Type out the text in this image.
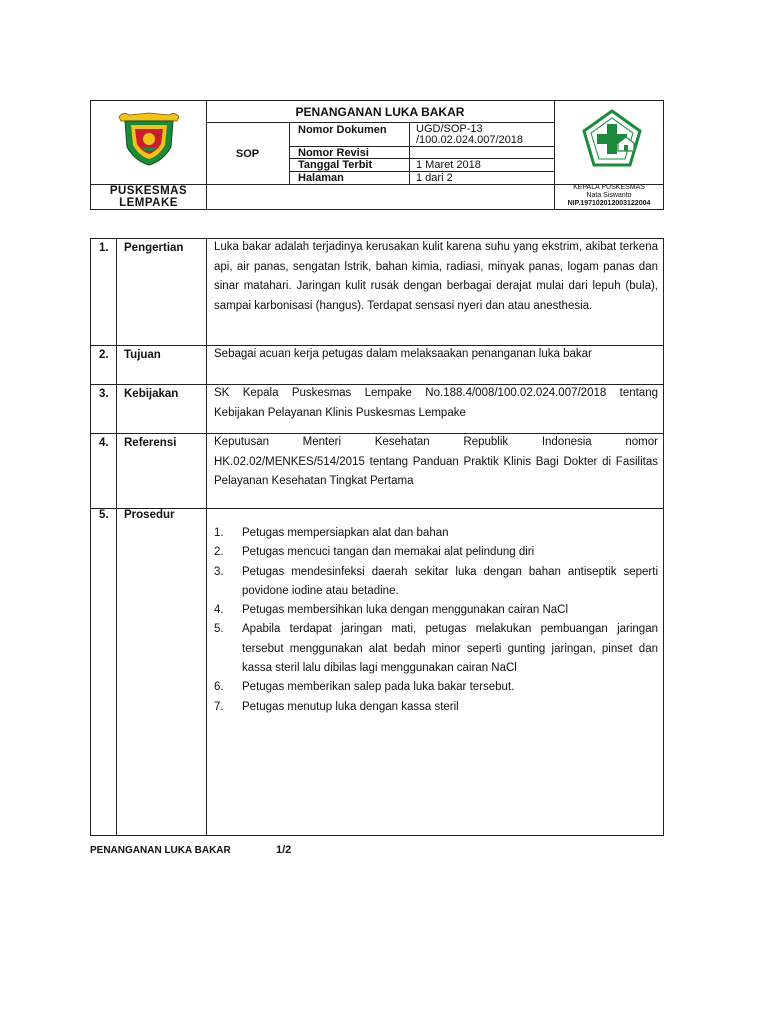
PENANGANAN LUKA BAKAR
SOP
Nomor Dokumen	UGD/SOP-13
/100.02.024.007/2018
Nomor Revisi
Tanggal Terbit	1 Maret 2018
Halaman	1 dari 2
PUSKESMAS
LEMPAKE
KEPALA PUSKESMAS
Nata Siswanto
NIP.197102012003122004
1. Pengertian	Luka bakar adalah terjadinya kerusakan kulit karena suhu yang ekstrim, akibat terkena api, air panas, sengatan lstrik, bahan kimia, radiasi, minyak panas, logam panas dan sinar matahari. Jaringan kulit rusak dengan berbagai derajat mulai dari lepuh (bula), sampai karbonisasi (hangus). Terdapat sensasi nyeri dan atau anesthesia.
2. Tujuan	Sebagai acuan kerja petugas dalam melaksaakan penanganan luka bakar
3. Kebijakan	SK Kepala Puskesmas Lempake No.188.4/008/100.02.024.007/2018 tentang Kebijakan Pelayanan Klinis Puskesmas Lempake
4. Referensi	Keputusan Menteri Kesehatan Republik Indonesia nomor HK.02.02/MENKES/514/2015 tentang Panduan Praktik Klinis Bagi Dokter di Fasilitas Pelayanan Kesehatan Tingkat Pertama
5. Prosedur
1. Petugas mempersiapkan alat dan bahan
2. Petugas mencuci tangan dan memakai alat pelindung diri
3. Petugas mendesinfeksi daerah sekitar luka dengan bahan antiseptik seperti povidone iodine atau betadine.
4. Petugas membersihkan luka dengan menggunakan cairan NaCl
5. Apabila terdapat jaringan mati, petugas melakukan pembuangan jaringan tersebut menggunakan alat bedah minor seperti gunting jaringan, pinset dan kassa steril lalu dibilas lagi menggunakan cairan NaCl
6. Petugas memberikan salep pada luka bakar tersebut.
7. Petugas menutup luka dengan kassa steril
PENANGANAN LUKA BAKAR	1/2
